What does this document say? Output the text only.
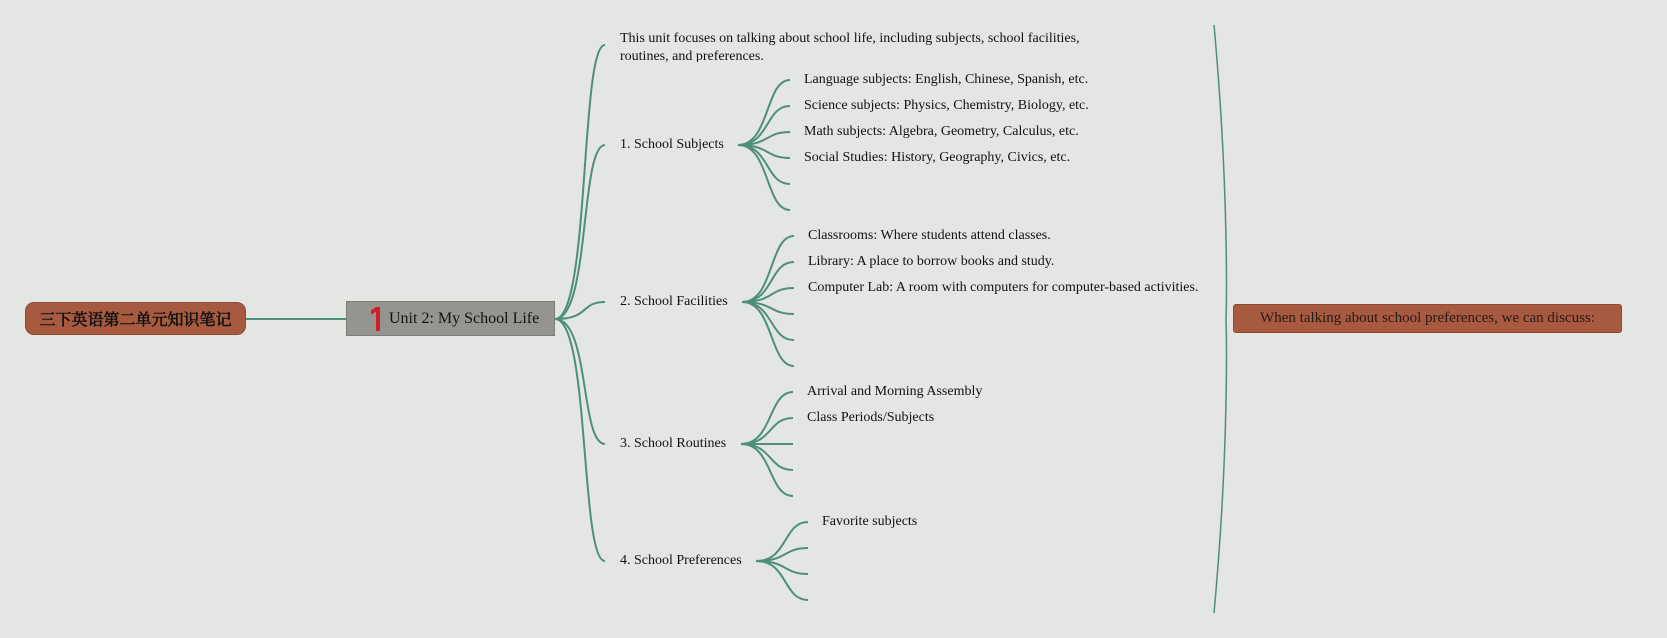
三下英语第二单元知识笔记	Unit 2: My School Life
This unit focuses on talking about school life, including subjects, school facilities, routines, and preferences.
1. School Subjects
Language subjects: English, Chinese, Spanish, etc.
Science subjects: Physics, Chemistry, Biology, etc.
Math subjects: Algebra, Geometry, Calculus, etc.
Social Studies: History, Geography, Civics, etc.
2. School Facilities
Classrooms: Where students attend classes.
Library: A place to borrow books and study.
Computer Lab: A room with computers for computer-based activities.
3. School Routines
Arrival and Morning Assembly
Class Periods/Subjects
4. School Preferences
Favorite subjects
When talking about school preferences, we can discuss:
